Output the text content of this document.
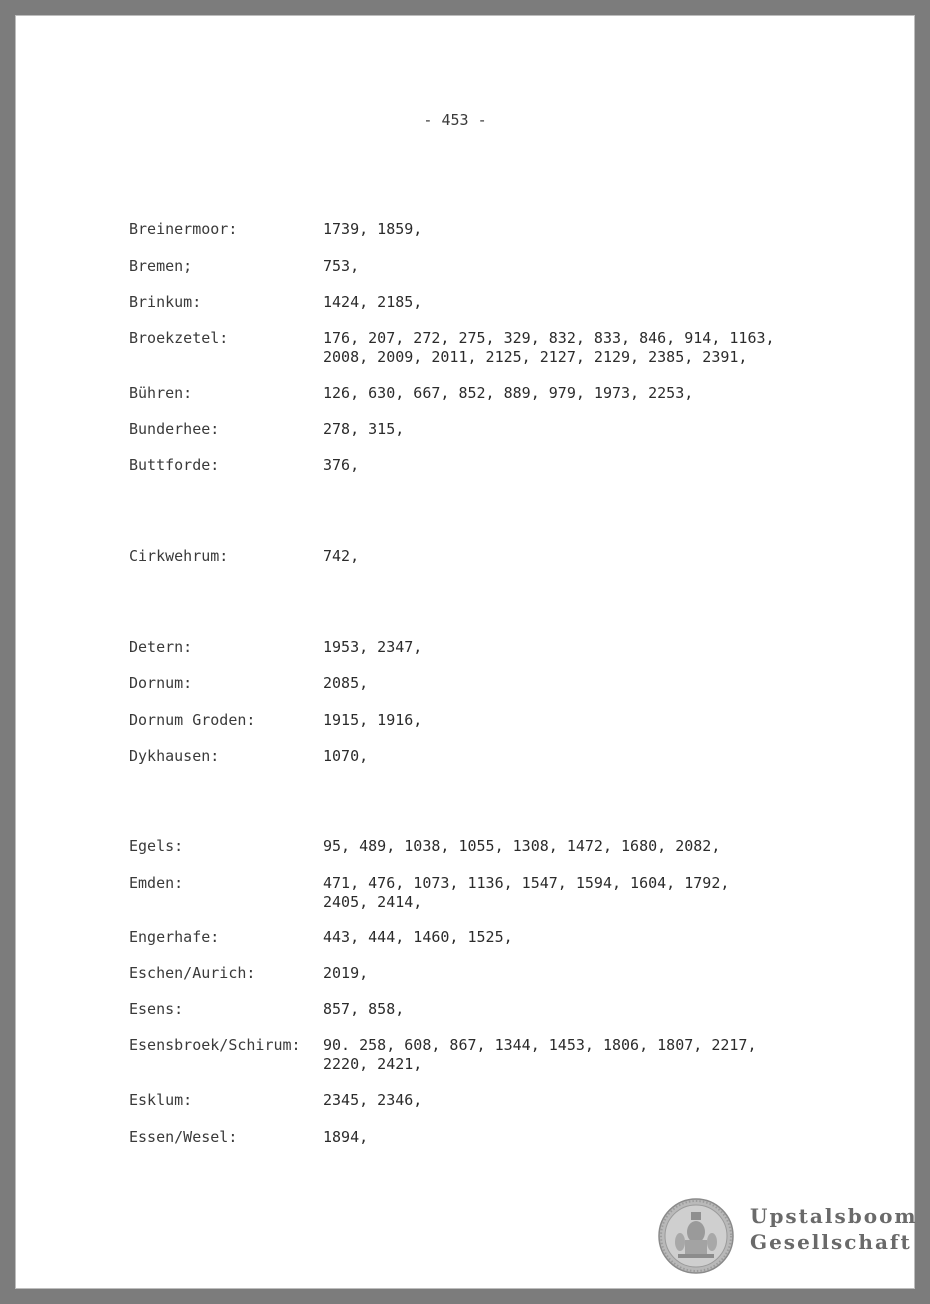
- 453 -
Breinermoor:	1739, 1859,
Bremen;	753,
Brinkum:	1424, 2185,
Broekzetel:	176, 207, 272, 275, 329, 832, 833, 846, 914, 1163,
2008, 2009, 2011, 2125, 2127, 2129, 2385, 2391,
Bühren:	126, 630, 667, 852, 889, 979, 1973, 2253,
Bunderhee:	278, 315,
Buttforde:	376,
Cirkwehrum:	742,
Detern:	1953, 2347,
Dornum:	2085,
Dornum Groden:	1915, 1916,
Dykhausen:	1070,
Egels:	95, 489, 1038, 1055, 1308, 1472, 1680, 2082,
Emden:	471, 476, 1073, 1136, 1547, 1594, 1604, 1792,
2405, 2414,
Engerhafe:	443, 444, 1460, 1525,
Eschen/Aurich:	2019,
Esens:	857, 858,
Esensbroek/Schirum: 90. 258, 608, 867, 1344, 1453, 1806, 1807, 2217,
2220, 2421,
Esklum:	2345, 2346,
Essen/Wesel:	1894,
Upstalsboom
Gesellschaft
